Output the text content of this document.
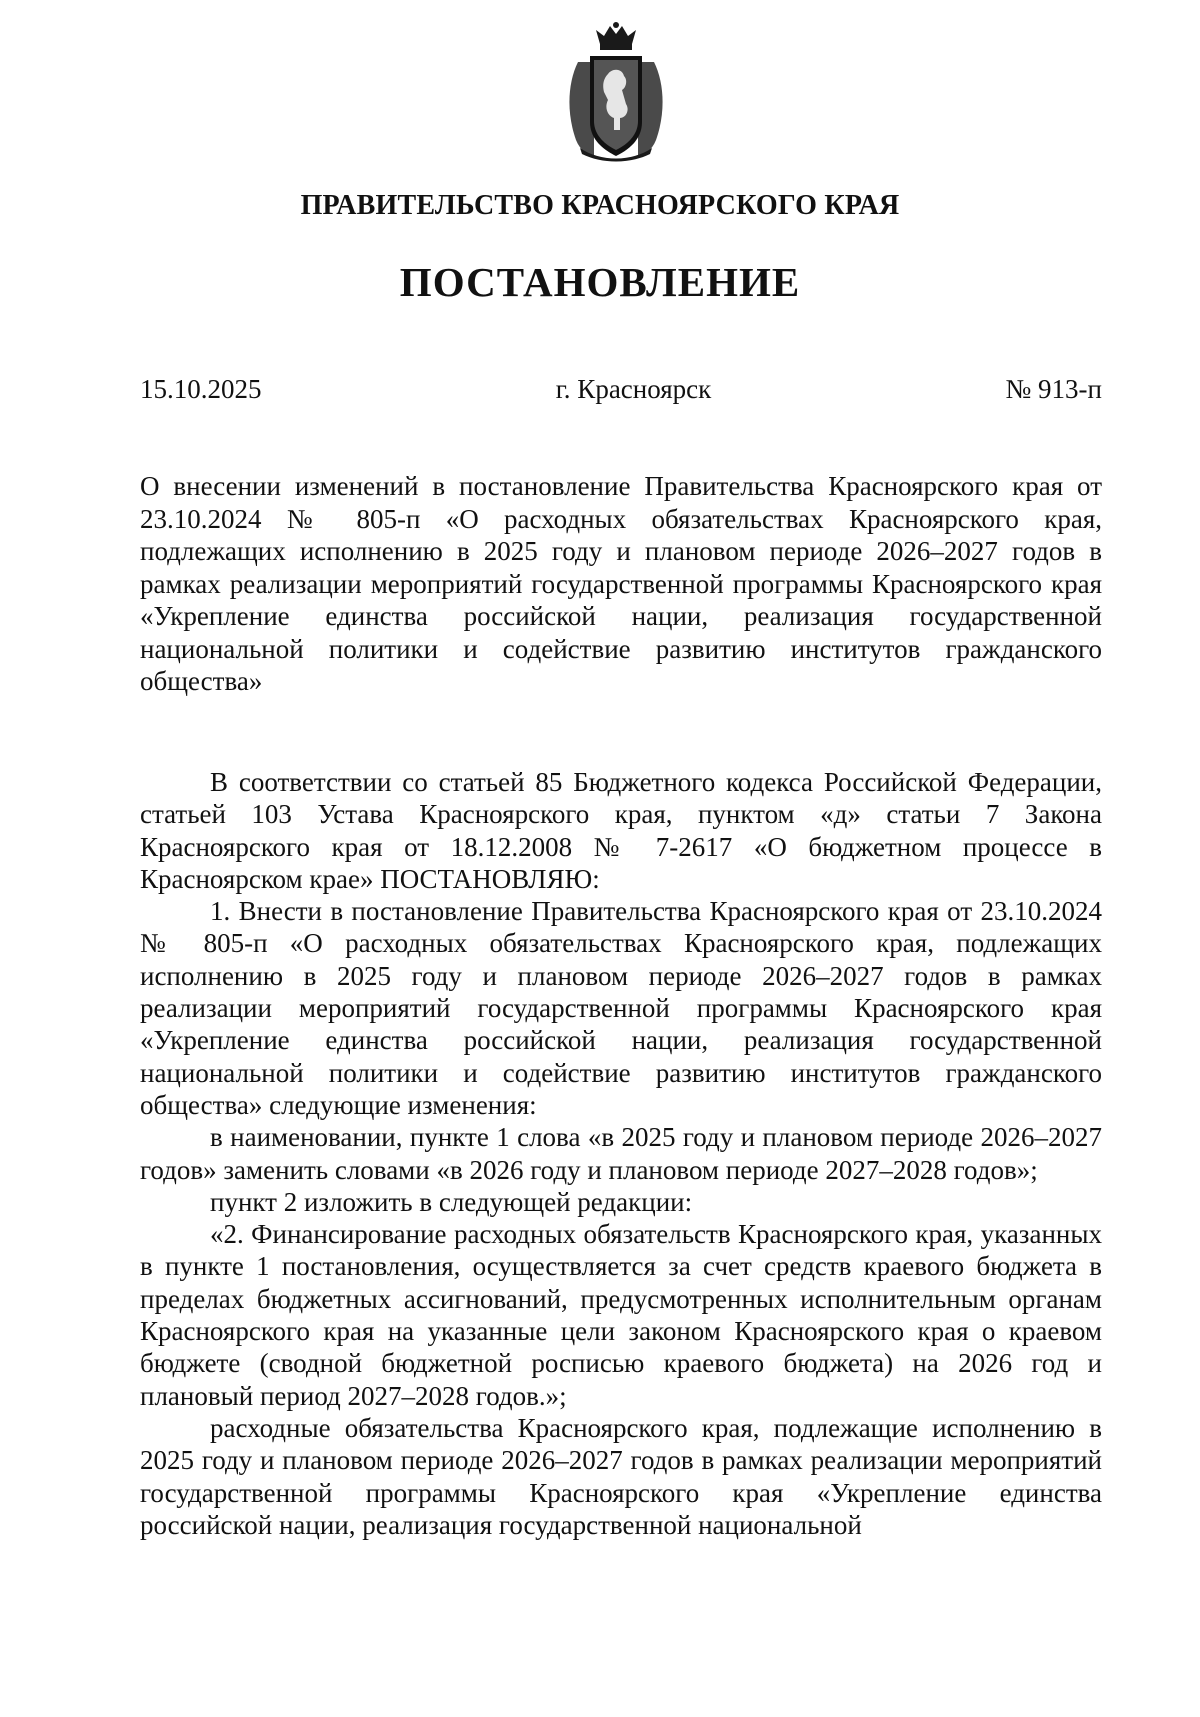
ПРАВИТЕЛЬСТВО КРАСНОЯРСКОГО КРАЯ
ПОСТАНОВЛЕНИЕ
15.10.2025	г. Красноярск	№ 913-п
О внесении изменений в постановление Правительства Красноярского края от 23.10.2024 № 805-п «О расходных обязательствах Красноярского края, подлежащих исполнению в 2025 году и плановом периоде 2026–2027 годов в рамках реализации мероприятий государственной программы Красноярского края «Укрепление единства российской нации, реализация государственной национальной политики и содействие развитию институтов гражданского общества»

В соответствии со статьей 85 Бюджетного кодекса Российской Федерации, статьей 103 Устава Красноярского края, пунктом «д» статьи 7 Закона Красноярского края от 18.12.2008 № 7-2617 «О бюджетном процессе в Красноярском крае» ПОСТАНОВЛЯЮ:

1. Внести в постановление Правительства Красноярского края от 23.10.2024 № 805-п «О расходных обязательствах Красноярского края, подлежащих исполнению в 2025 году и плановом периоде 2026–2027 годов в рамках реализации мероприятий государственной программы Красноярского края «Укрепление единства российской нации, реализация государственной национальной политики и содействие развитию институтов гражданского общества» следующие изменения:

в наименовании, пункте 1 слова «в 2025 году и плановом периоде 2026–2027 годов» заменить словами «в 2026 году и плановом периоде 2027–2028 годов»;

пункт 2 изложить в следующей редакции:

«2. Финансирование расходных обязательств Красноярского края, указанных в пункте 1 постановления, осуществляется за счет средств краевого бюджета в пределах бюджетных ассигнований, предусмотренных исполнительным органам Красноярского края на указанные цели законом Красноярского края о краевом бюджете (сводной бюджетной росписью краевого бюджета) на 2026 год и плановый период 2027–2028 годов.»;

расходные обязательства Красноярского края, подлежащие исполнению в 2025 году и плановом периоде 2026–2027 годов в рамках реализации мероприятий государственной программы Красноярского края «Укрепление единства российской нации, реализация государственной национальной
